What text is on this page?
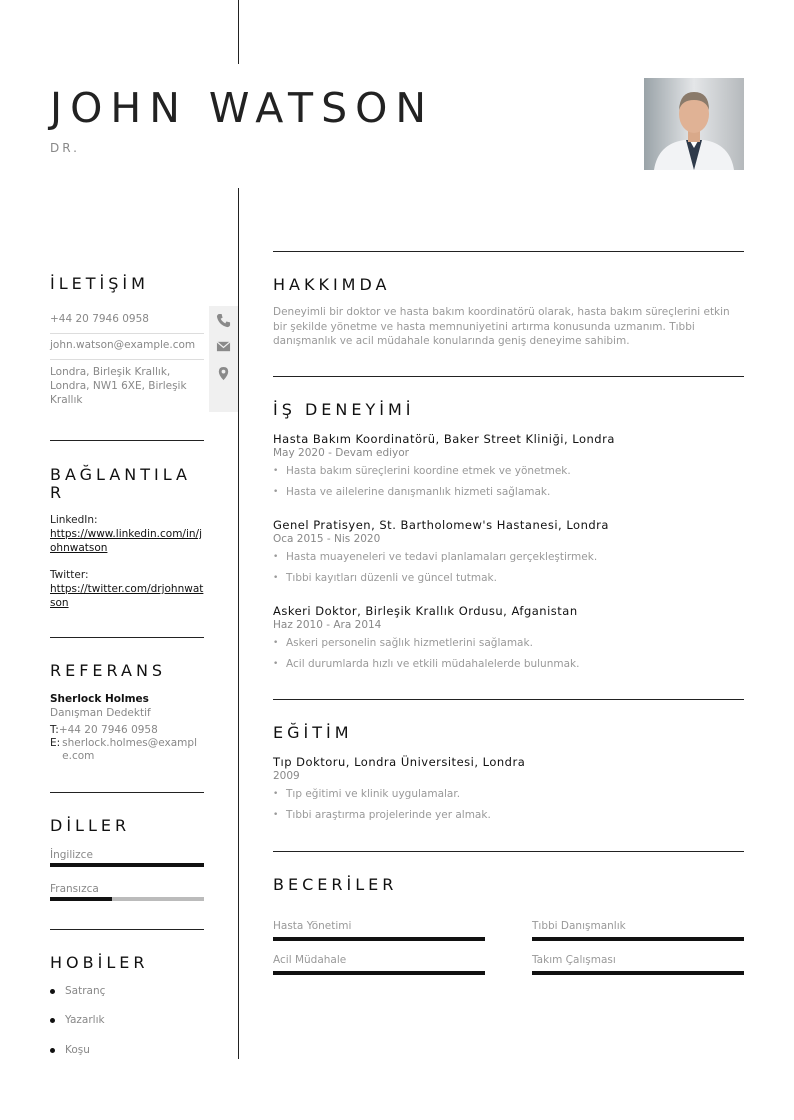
JOHN WATSON
DR.
İLETİŞİM
+44 20 7946 0958
john.watson@example.com
Londra, Birleşik Krallık, Londra, NW1 6XE, Birleşik Krallık
BAĞLANTILA R
LinkedIn:
https://www.linkedin.com/in/johnwatson
Twitter:
https://twitter.com/drjohnwatson
REFERANS
Sherlock Holmes
Danışman Dedektif
T: +44 20 7946 0958
E: sherlock.holmes@example.com
DİLLER
İngilizce
Fransızca
HOBİLER
Satranç
Yazarlık
Koşu
HAKKIMDA
Deneyimli bir doktor ve hasta bakım koordinatörü olarak, hasta bakım süreçlerini etkin bir şekilde yönetme ve hasta memnuniyetini artırma konusunda uzmanım. Tıbbi danışmanlık ve acil müdahale konularında geniş deneyime sahibim.
İŞ DENEYİMİ
Hasta Bakım Koordinatörü, Baker Street Kliniği, Londra
May 2020 - Devam ediyor
• Hasta bakım süreçlerini koordine etmek ve yönetmek.
• Hasta ve ailelerine danışmanlık hizmeti sağlamak.
Genel Pratisyen, St. Bartholomew's Hastanesi, Londra
Oca 2015 - Nis 2020
• Hasta muayeneleri ve tedavi planlamaları gerçekleştirmek.
• Tıbbi kayıtları düzenli ve güncel tutmak.
Askeri Doktor, Birleşik Krallık Ordusu, Afganistan
Haz 2010 - Ara 2014
• Askeri personelin sağlık hizmetlerini sağlamak.
• Acil durumlarda hızlı ve etkili müdahalelerde bulunmak.
EĞİTİM
Tıp Doktoru, Londra Üniversitesi, Londra
2009
• Tıp eğitimi ve klinik uygulamalar.
• Tıbbi araştırma projelerinde yer almak.
BECERİLER
Hasta Yönetimi	Tıbbi Danışmanlık
Acil Müdahale	Takım Çalışması
